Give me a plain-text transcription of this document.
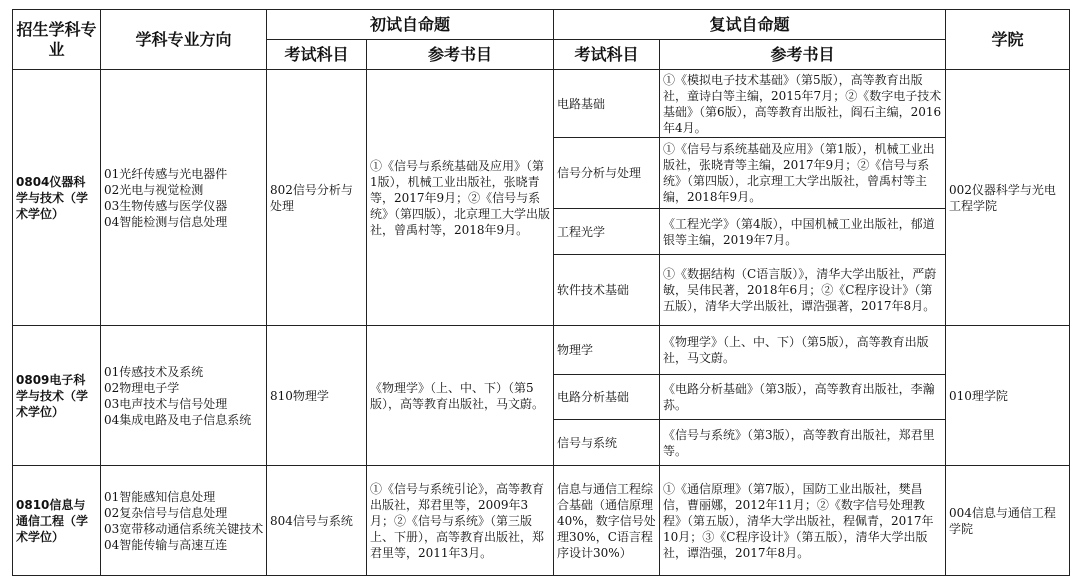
招生学科专业	学科专业方向	初试自命题		复试自命题		学院
		考试科目	参考书目	考试科目	参考书目	
0804仪器科学与技术（学术学位）	01光纤传感与光电器件
02光电与视觉检测
03生物传感与医学仪器
04智能检测与信息处理	802信号分析与处理	①《信号与系统基础及应用》（第1版），机械工业出版社，张晓青等，2017年9月；②《信号与系统》（第四版），北京理工大学出版社，曾禹村等，2018年9月。	电路基础	①《模拟电子技术基础》（第5版），高等教育出版社，童诗白等主编，2015年7月；②《数字电子技术基础》（第6版），高等教育出版社，阎石主编，2016年4月。	002仪器科学与光电工程学院
				信号分析与处理	①《信号与系统基础及应用》（第1版），机械工业出版社，张晓青等主编，2017年9月；②《信号与系统》（第四版），北京理工大学出版社，曾禹村等主编，2018年9月。	
				工程光学	《工程光学》（第4版），中国机械工业出版社，郁道银等主编，2019年7月。	
				软件技术基础	①《数据结构（C语言版）》，清华大学出版社，严蔚敏，吴伟民著，2018年6月；②《C程序设计》（第五版），清华大学出版社，谭浩强著，2017年8月。	
0809电子科学与技术（学术学位）	01传感技术及系统
02物理电子学
03电声技术与信号处理
04集成电路及电子信息系统	810物理学	《物理学》（上、中、下）（第5版），高等教育出版社，马文蔚。	物理学	《物理学》（上、中、下）（第5版），高等教育出版社，马文蔚。	010理学院
				电路分析基础	《电路分析基础》（第3版），高等教育出版社，李瀚荪。	
				信号与系统	《信号与系统》（第3版），高等教育出版社，郑君里等。	
0810信息与通信工程（学术学位）	01智能感知信息处理
02复杂信号与信息处理
03宽带移动通信系统关键技术
04智能传输与高速互连	804信号与系统	①《信号与系统引论》，高等教育出版社，郑君里等，2009年3月；②《信号与系统》（第三版上、下册），高等教育出版社，郑君里等，2011年3月。	信息与通信工程综合基础（通信原理40%，数字信号处理30%，C语言程序设计30%）	①《通信原理》（第7版），国防工业出版社，樊昌信，曹丽娜，2012年11月；②《数字信号处理教程》（第五版），清华大学出版社，程佩青，2017年10月；③《C程序设计》（第五版），清华大学出版社，谭浩强，2017年8月。	004信息与通信工程学院
